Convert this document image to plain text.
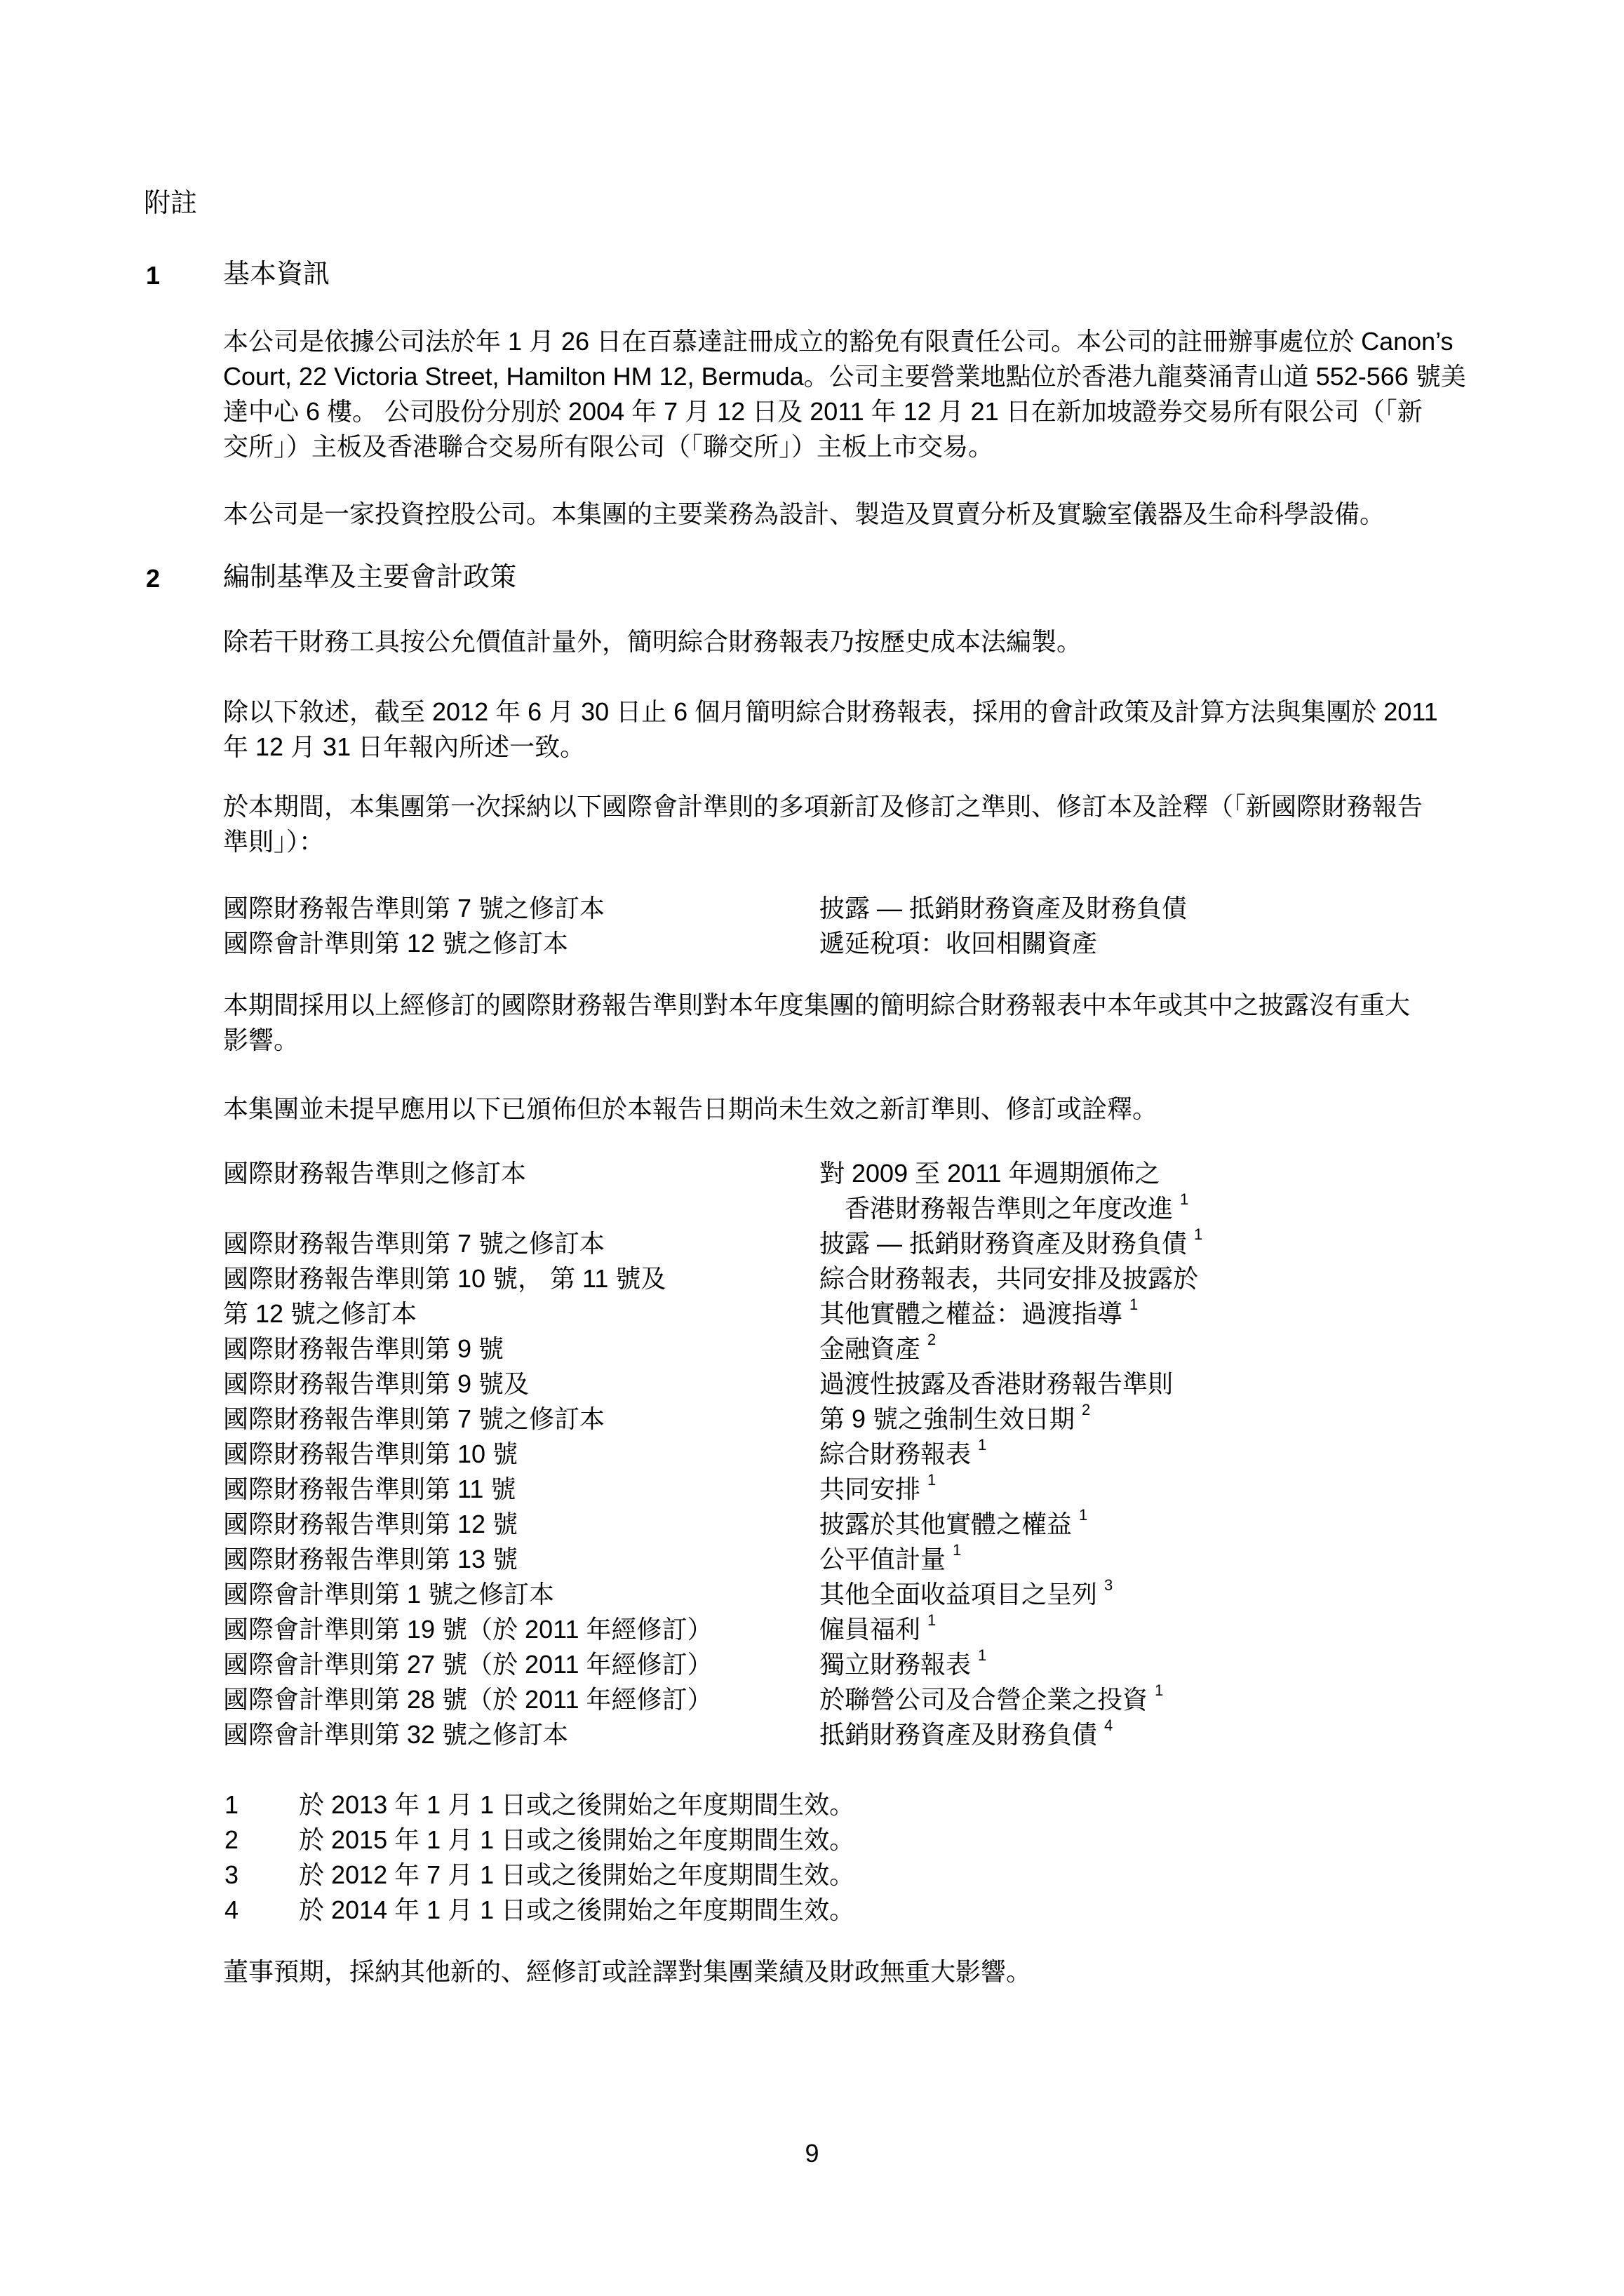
附註
1 基本資訊
本公司是依據公司法於年 1 月 26 日在百慕達註冊成立的豁免有限責任公司。本公司的註冊辦事處位於 Canon’s
Court, 22 Victoria Street, Hamilton HM 12, Bermuda。公司主要營業地點位於香港九龍葵涌青山道 552-566 號美
達中心 6 樓。 公司股份分別於 2004 年 7 月 12 日及 2011 年 12 月 21 日在新加坡證券交易所有限公司（「新
交所」）主板及香港聯合交易所有限公司（「聯交所」）主板上市交易。
本公司是一家投資控股公司。本集團的主要業務為設計、製造及買賣分析及實驗室儀器及生命科學設備。
2 編制基準及主要會計政策
除若干財務工具按公允價值計量外，簡明綜合財務報表乃按歷史成本法編製。
除以下敘述，截至 2012 年 6 月 30 日止 6 個月簡明綜合財務報表，採用的會計政策及計算方法與集團於 2011
年 12 月 31 日年報內所述一致。
於本期間，本集團第一次採納以下國際會計準則的多項新訂及修訂之準則、修訂本及詮釋（「新國際財務報告
準則」）：
國際財務報告準則第 7 號之修訂本	披露 — 抵銷財務資產及財務負債
國際會計準則第 12 號之修訂本	遞延稅項：收回相關資產
本期間採用以上經修訂的國際財務報告準則對本年度集團的簡明綜合財務報表中本年或其中之披露沒有重大
影響。
本集團並未提早應用以下已頒佈但於本報告日期尚未生效之新訂準則、修訂或詮釋。
國際財務報告準則之修訂本	對 2009 至 2011 年週期頒佈之
　香港財務報告準則之年度改進 $^1$
國際財務報告準則第 7 號之修訂本	披露 — 抵銷財務資產及財務負債 $^1$
國際財務報告準則第 10 號， 第 11 號及	綜合財務報表，共同安排及披露於
第 12 號之修訂本	其他實體之權益：過渡指導 $^1$
國際財務報告準則第 9 號	金融資產 $^2$
國際財務報告準則第 9 號及	過渡性披露及香港財務報告準則
國際財務報告準則第 7 號之修訂本	第 9 號之強制生效日期 $^2$
國際財務報告準則第 10 號	綜合財務報表 $^1$
國際財務報告準則第 11 號	共同安排 $^1$
國際財務報告準則第 12 號	披露於其他實體之權益 $^1$
國際財務報告準則第 13 號	公平值計量 $^1$
國際會計準則第 1 號之修訂本	其他全面收益項目之呈列 $^3$
國際會計準則第 19 號（於 2011 年經修訂）	僱員福利 $^1$
國際會計準則第 27 號（於 2011 年經修訂）	獨立財務報表 $^1$
國際會計準則第 28 號（於 2011 年經修訂）	於聯營公司及合營企業之投資 $^1$
國際會計準則第 32 號之修訂本	抵銷財務資產及財務負債 $^4$
1 於 2013 年 1 月 1 日或之後開始之年度期間生效。
2 於 2015 年 1 月 1 日或之後開始之年度期間生效。
3 於 2012 年 7 月 1 日或之後開始之年度期間生效。
4 於 2014 年 1 月 1 日或之後開始之年度期間生效。
董事預期，採納其他新的、經修訂或詮譯對集團業績及財政無重大影響。
9
